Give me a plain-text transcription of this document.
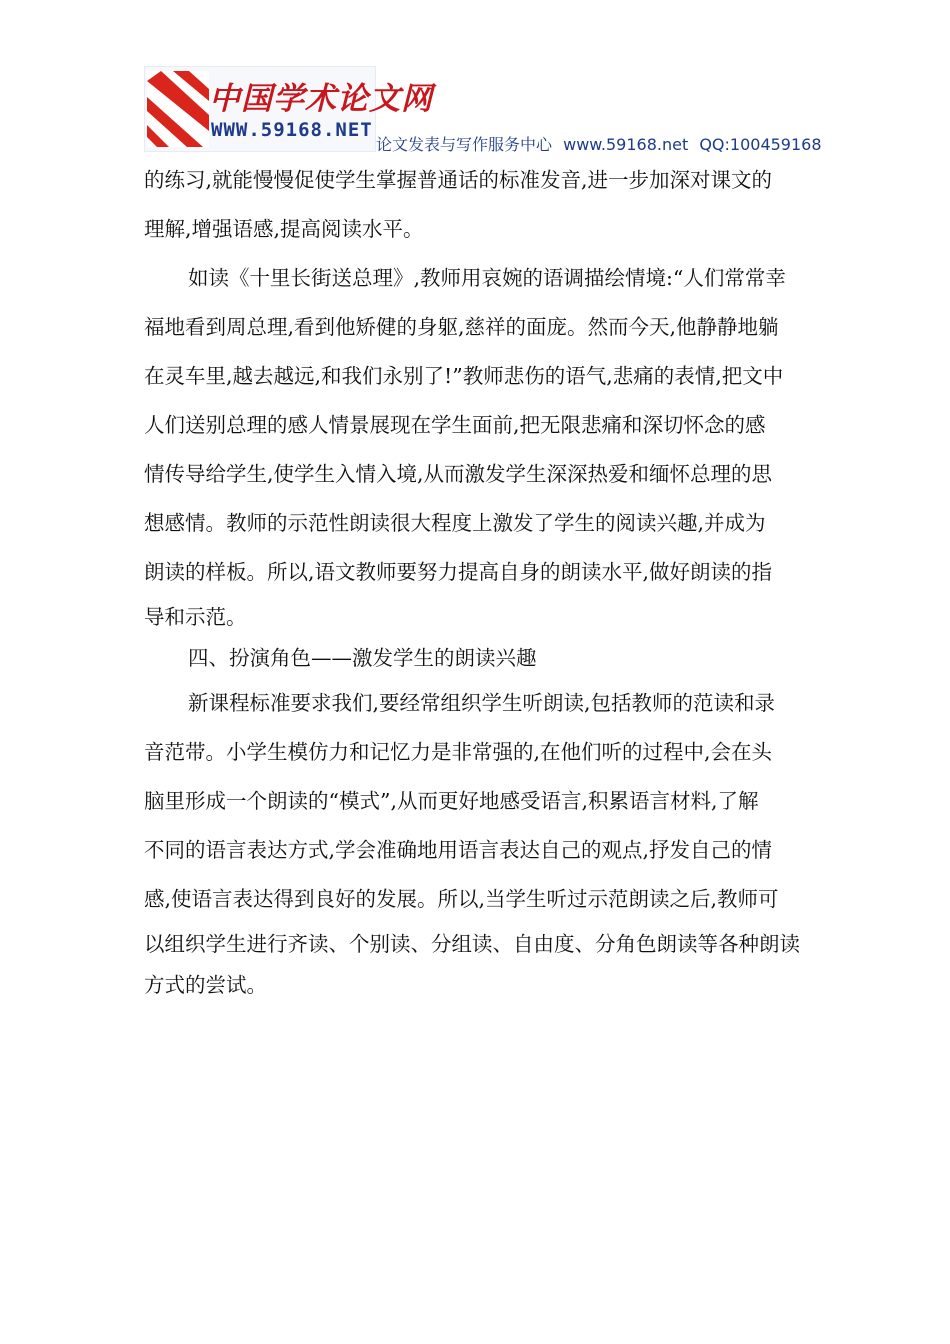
中国学术论文网
WWW.59168.NET
论文发表与写作服务中心 www.59168.net QQ:100459168
的练习,就能慢慢促使学生掌握普通话的标准发音,进一步加深对课文的
理解,增强语感,提高阅读水平。
如读《十里长街送总理》,教师用哀婉的语调描绘情境:“人们常常幸
福地看到周总理,看到他矫健的身躯,慈祥的面庞。然而今天,他静静地躺
在灵车里,越去越远,和我们永别了!”教师悲伤的语气,悲痛的表情,把文中
人们送别总理的感人情景展现在学生面前,把无限悲痛和深切怀念的感
情传导给学生,使学生入情入境,从而激发学生深深热爱和缅怀总理的思
想感情。教师的示范性朗读很大程度上激发了学生的阅读兴趣,并成为
朗读的样板。所以,语文教师要努力提高自身的朗读水平,做好朗读的指
导和示范。
四、扮演角色——激发学生的朗读兴趣
新课程标准要求我们,要经常组织学生听朗读,包括教师的范读和录
音范带。小学生模仿力和记忆力是非常强的,在他们听的过程中,会在头
脑里形成一个朗读的“模式”,从而更好地感受语言,积累语言材料,了解
不同的语言表达方式,学会准确地用语言表达自己的观点,抒发自己的情
感,使语言表达得到良好的发展。所以,当学生听过示范朗读之后,教师可
以组织学生进行齐读、个别读、分组读、自由度、分角色朗读等各种朗读
方式的尝试。
